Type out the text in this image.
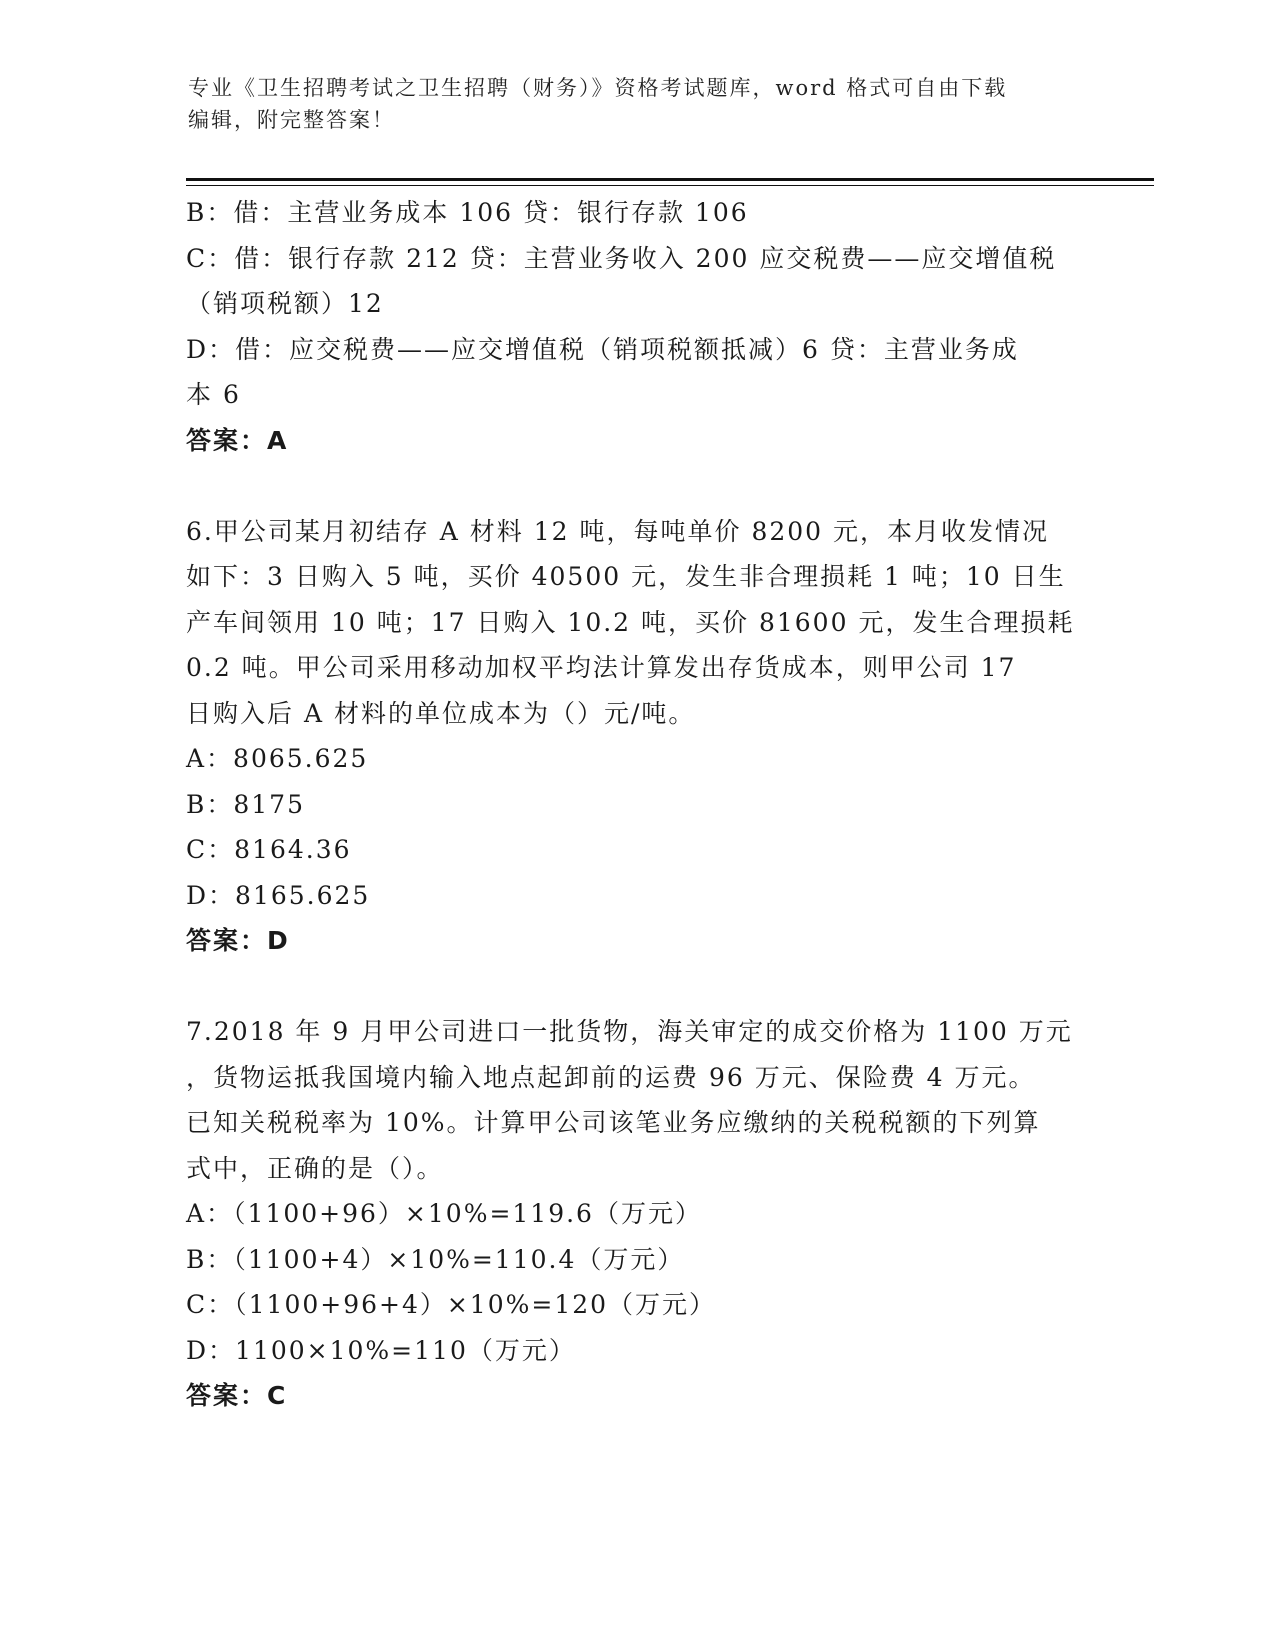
专业《卫生招聘考试之卫生招聘（财务）》资格考试题库，word 格式可自由下载
编辑，附完整答案！
B：借：主营业务成本 106 贷：银行存款 106
C：借：银行存款 212 贷：主营业务收入 200 应交税费——应交增值税
（销项税额）12
D：借：应交税费——应交增值税（销项税额抵减）6 贷：主营业务成
本 6
答案：A
6.甲公司某月初结存 A 材料 12 吨，每吨单价 8200 元，本月收发情况
如下：3 日购入 5 吨，买价 40500 元，发生非合理损耗 1 吨；10 日生
产车间领用 10 吨；17 日购入 10.2 吨，买价 81600 元，发生合理损耗
0.2 吨。甲公司采用移动加权平均法计算发出存货成本，则甲公司 17
日购入后 A 材料的单位成本为（）元/吨。
A：8065.625
B：8175
C：8164.36
D：8165.625
答案：D
7.2018 年 9 月甲公司进口一批货物，海关审定的成交价格为 1100 万元
，货物运抵我国境内输入地点起卸前的运费 96 万元、保险费 4 万元。
已知关税税率为 10%。计算甲公司该笔业务应缴纳的关税税额的下列算
式中，正确的是（）。
A：（1100+96）×10%=119.6（万元）
B：（1100+4）×10%=110.4（万元）
C：（1100+96+4）×10%=120（万元）
D：1100×10%=110（万元）
答案：C
